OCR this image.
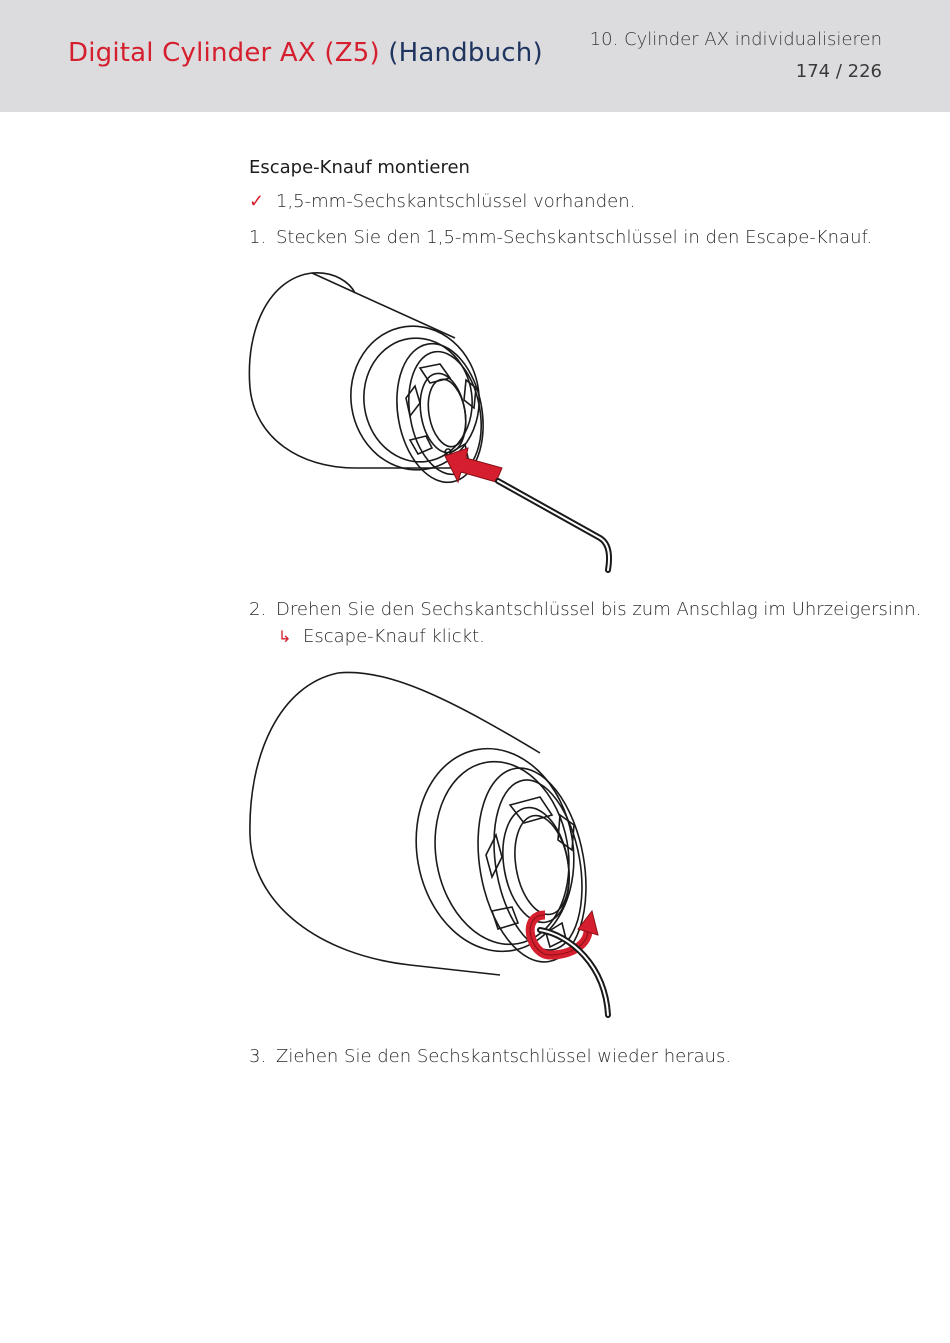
Digital Cylinder AX (Z5) (Handbuch)	10. Cylinder AX individualisieren
174 / 226
Escape-Knauf montieren
✓ 1,5-mm-Sechskantschlüssel vorhanden.
1. Stecken Sie den 1,5-mm-Sechskantschlüssel in den Escape-Knauf.
2. Drehen Sie den Sechskantschlüssel bis zum Anschlag im Uhrzeigersinn.
↳ Escape-Knauf klickt.
3. Ziehen Sie den Sechskantschlüssel wieder heraus.
